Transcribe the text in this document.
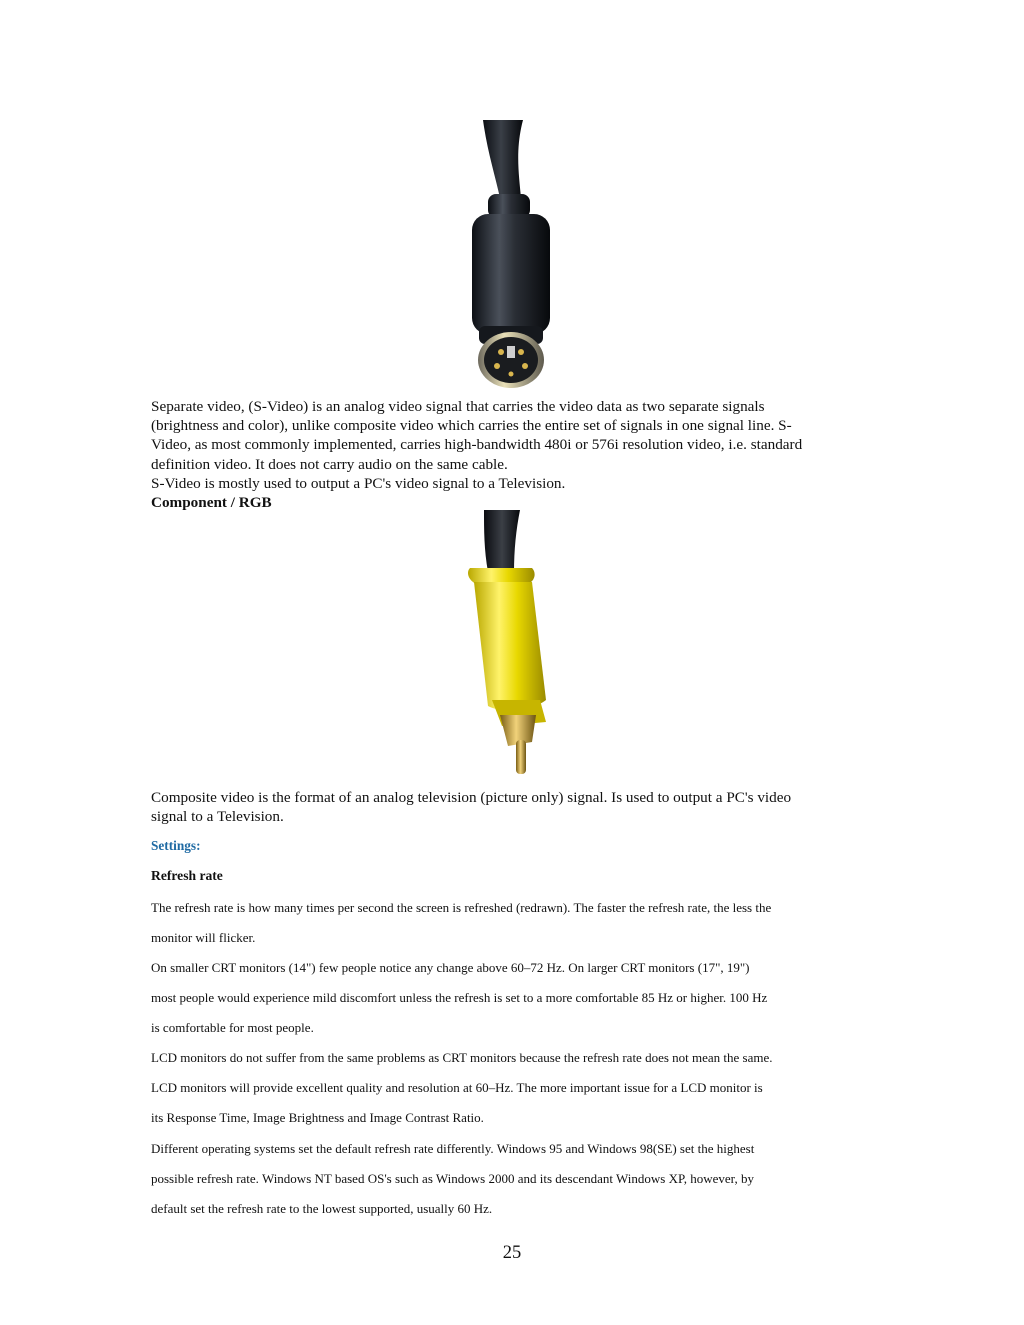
Separate video, (S-Video) is an analog video signal that carries the video data as two separate signals

(brightness and color), unlike composite video which carries the entire set of signals in one signal line. S-

Video, as most commonly implemented, carries high-bandwidth 480i or 576i resolution video, i.e. standard

definition video. It does not carry audio on the same cable.

S-Video is mostly used to output a PC's video signal to a Television.

Component / RGB

Composite video is the format of an analog television (picture only) signal. Is used to output a PC's video

signal to a Television.

Settings:
Refresh rate

The refresh rate is how many times per second the screen is refreshed (redrawn). The faster the refresh rate, the less the

monitor will flicker.

On smaller CRT monitors (14") few people notice any change above 60–72 Hz. On larger CRT monitors (17", 19")

most people would experience mild discomfort unless the refresh is set to a more comfortable 85 Hz or higher. 100 Hz

is comfortable for most people.

LCD monitors do not suffer from the same problems as CRT monitors because the refresh rate does not mean the same.

LCD monitors will provide excellent quality and resolution at 60–Hz. The more important issue for a LCD monitor is

its Response Time, Image Brightness and Image Contrast Ratio.

Different operating systems set the default refresh rate differently. Windows 95 and Windows 98(SE) set the highest

possible refresh rate. Windows NT based OS's such as Windows 2000 and its descendant Windows XP, however, by

default set the refresh rate to the lowest supported, usually 60 Hz.

25
